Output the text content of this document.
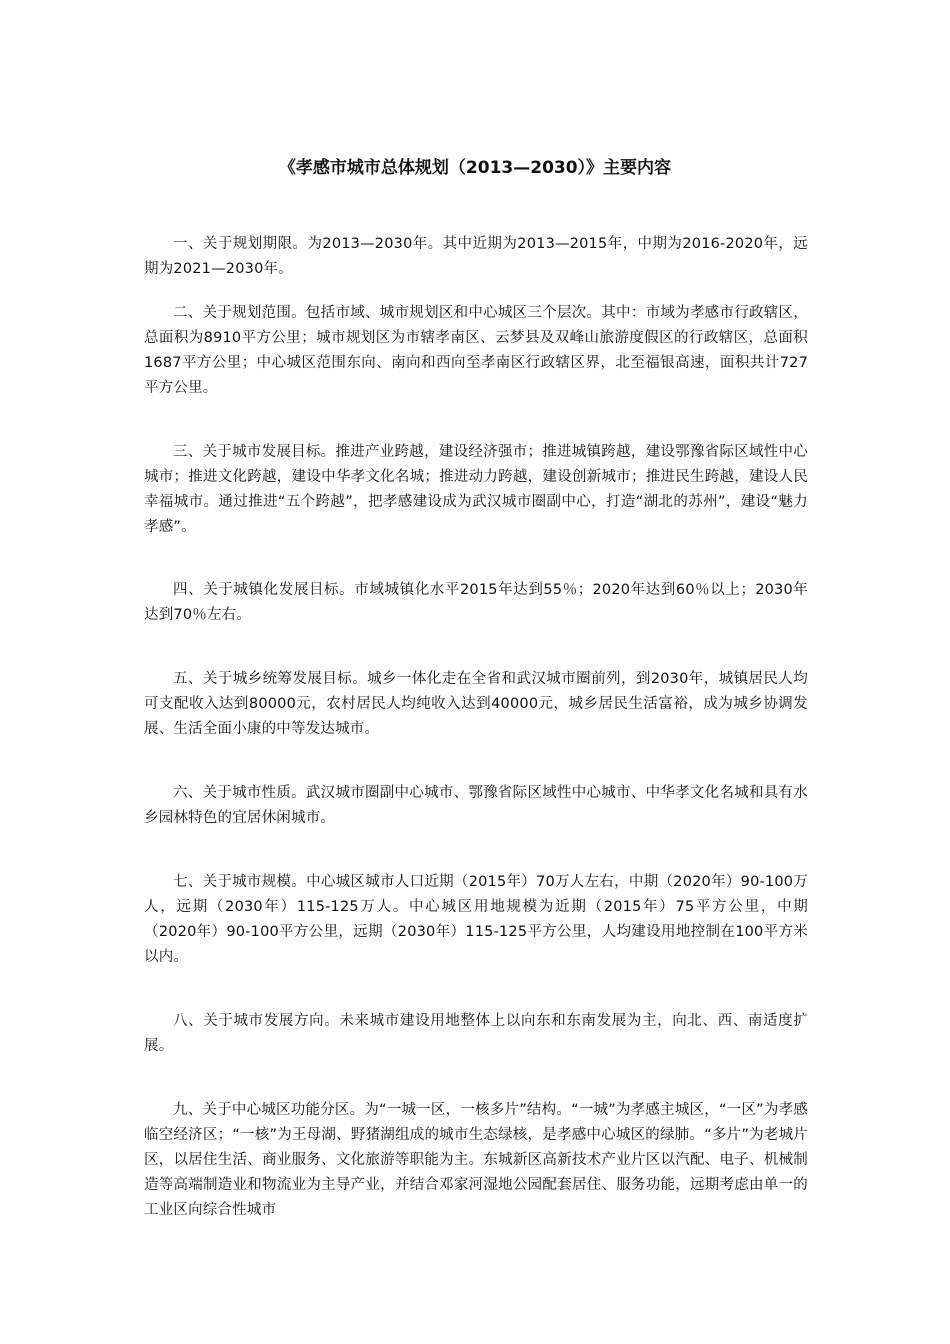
《孝感市城市总体规划（2013—2030）》主要内容

一、关于规划期限。为2013—2030年。其中近期为2013—2015年，中期为2016-2020年，远期为2021—2030年。

二、关于规划范围。包括市域、城市规划区和中心城区三个层次。其中：市域为孝感市行政辖区，总面积为8910平方公里；城市规划区为市辖孝南区、云梦县及双峰山旅游度假区的行政辖区，总面积1687平方公里；中心城区范围东向、南向和西向至孝南区行政辖区界，北至福银高速，面积共计727平方公里。

三、关于城市发展目标。推进产业跨越，建设经济强市；推进城镇跨越，建设鄂豫省际区域性中心城市；推进文化跨越，建设中华孝文化名城；推进动力跨越，建设创新城市；推进民生跨越，建设人民幸福城市。通过推进“五个跨越”，把孝感建设成为武汉城市圈副中心，打造“湖北的苏州”，建设“魅力孝感”。

四、关于城镇化发展目标。市域城镇化水平2015年达到55％；2020年达到60％以上；2030年达到70％左右。

五、关于城乡统筹发展目标。城乡一体化走在全省和武汉城市圈前列，到2030年，城镇居民人均可支配收入达到80000元，农村居民人均纯收入达到40000元，城乡居民生活富裕，成为城乡协调发展、生活全面小康的中等发达城市。

六、关于城市性质。武汉城市圈副中心城市、鄂豫省际区域性中心城市、中华孝文化名城和具有水乡园林特色的宜居休闲城市。

七、关于城市规模。中心城区城市人口近期（2015年）70万人左右，中期（2020年）90-100万人，远期（2030年）115-125万人。中心城区用地规模为近期（2015年）75平方公里，中期（2020年）90-100平方公里，远期（2030年）115-125平方公里，人均建设用地控制在100平方米以内。

八、关于城市发展方向。未来城市建设用地整体上以向东和东南发展为主，向北、西、南适度扩展。

九、关于中心城区功能分区。为“一城一区，一核多片”结构。“一城”为孝感主城区，“一区”为孝感临空经济区；“一核”为王母湖、野猪湖组成的城市生态绿核，是孝感中心城区的绿肺。“多片”为老城片区，以居住生活、商业服务、文化旅游等职能为主。东城新区高新技术产业片区以汽配、电子、机械制造等高端制造业和物流业为主导产业，并结合邓家河湿地公园配套居住、服务功能，远期考虑由单一的工业区向综合性城市
